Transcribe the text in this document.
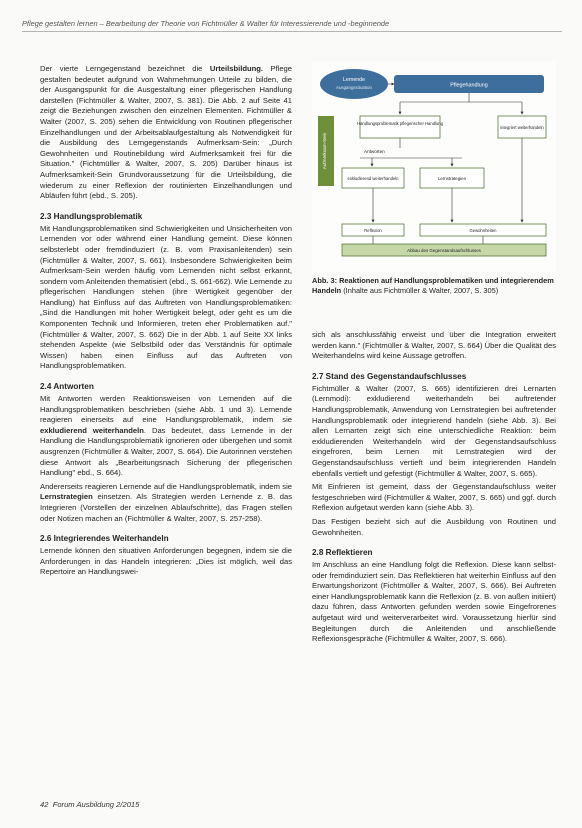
Pflege gestalten lernen – Bearbeitung der Theorie von Fichtmüller & Walter für Interessierende und -beginnende

Der vierte Lerngegenstand bezeichnet die Urteilsbildung. Pflege gestalten bedeutet aufgrund von Wahrnehmungen Urteile zu bilden, die der Ausgangspunkt für die Ausgestaltung einer pflegerischen Handlung darstellen (Fichtmüller & Walter, 2007, S. 381). Die Abb. 2 auf Seite 41 zeigt die Beziehungen zwischen den einzelnen Elementen. Fichtmüller & Walter (2007, S. 205) sehen die Entwicklung von Routinen pflegerischer Einzelhandlungen und der Arbeitsablaufgestaltung als Notwendigkeit für die Ausbildung des Lerngegenstands Aufmerksam-Sein: „Durch Gewohnheiten und Routinebildung wird Aufmerksamkeit frei für die Situation." (Fichtmüller & Walter, 2007, S. 205) Darüber hinaus ist Aufmerksamkeit-Sein Grundvoraussetzung für die Urteilsbildung, die wiederum zu einer Reflexion der routinierten Einzelhandlungen und Abläufen führt (ebd., S. 205).

2.3 Handlungsproblematik

Mit Handlungsproblematiken sind Schwierigkeiten und Unsicherheiten von Lernenden vor oder während einer Handlung gemeint. Diese können selbsterlebt oder fremdinduziert (z. B. vom Praxisanleitenden) sein (Fichtmüller & Walter, 2007, S. 661). Insbesondere Schwierigkeiten beim Aufmerksam-Sein werden häufig vom Lernenden nicht selbst erkannt, sondern vom Anleitenden thematisiert (ebd., S. 661-662). Wie Lernende zu pflegerischen Handlungen stehen (ihre Wertigkeit gegenüber der Handlung) hat Einfluss auf das Auftreten von Handlungsproblematiken: „Sind die Handlungen mit hoher Wertigkeit belegt, oder geht es um die Komponenten Technik und Informieren, treten eher Problematiken auf." (Fichtmüller & Walter, 2007, S. 662) Die in der Abb. 1 auf Seite XX links stehenden Aspekte (wie Selbstbild oder das Verständnis für optimale Wissen) haben einen Einfluss auf das Auftreten von Handlungsproblematiken.

2.4 Antworten

Mit Antworten werden Reaktionsweisen von Lernenden auf die Handlungsproblematiken beschrieben (siehe Abb. 1 und 3). Lernende reagieren einerseits auf eine Handlungsproblematik, indem sie exkludierend weiterhandeln. Das bedeutet, dass Lernende in der Handlung die Handlungsproblematik ignorieren oder übergehen und somit ausgrenzen (Fichtmüller & Walter, 2007, S. 664). Die Autorinnen verstehen diese Antwort als „Bearbeitungsnach Sicherung der pflegerischen Handlung" ebd., S. 664).

Andererseits reagieren Lernende auf die Handlungsproblematik, indem sie Lernstrategien einsetzen. Als Strategien werden Lernende z. B. das Integrieren (Vorstellen der einzelnen Ablaufschritte), das Fragen stellen oder Notizen machen an (Fichtmüller & Walter, 2007, S. 257-258).

2.6 Integrierendes Weiterhandeln

Lernende können den situativen Anforderungen begegnen, indem sie die Anforderungen in das Handeln integrieren: „Dies ist möglich, weil das Repertoire an Handlungswei-

Lernende
Ausgangssituation	Pflegehandlung
Aufmerksam-Sein
Handlungsproblematik pflegerischer Handlung
integriert weiterhandeln
Antworten
exkludierend weiterhandeln	Lernstrategien
Reflexion	Gewohnheiten
Abbau des Gegenstandsaufschlusses
Abb. 3: Reaktionen auf Handlungsproblematiken und integrierendem Handeln (Inhalte aus Fichtmüller & Walter, 2007, S. 305)

sich als anschlussfähig erweist und über die Integration erweitert werden kann." (Fichtmüller & Walter, 2007, S. 664) Über die Qualität des Weiterhandelns wird keine Aussage getroffen.

2.7 Stand des Gegenstandaufschlusses

Fichtmüller & Walter (2007, S. 665) identifizieren drei Lernarten (Lernmodi): exkludierend weiterhandeln bei auftretender Handlungsproblematik, Anwendung von Lernstrategien bei auftretender Handlungsproblematik oder integrierend handeln (siehe Abb. 3). Bei allen Lernarten zeigt sich eine unterschiedliche Reaktion: beim exkludierenden Weiterhandeln wird der Gegenstandsaufschluss eingefroren, beim Lernen mit Lernstrategien wird der Gegenstandsaufschluss vertieft und beim integrierenden Handeln ebenfalls vertieft und gefestigt (Fichtmüller & Walter, 2007, S. 665).

Mit Einfrieren ist gemeint, dass der Gegenstandaufschluss weiter festgeschrieben wird (Fichtmüller & Walter, 2007, S. 665) und ggf. durch Reflexion aufgetaut werden kann (siehe Abb. 3).

Das Festigen bezieht sich auf die Ausbildung von Routinen und Gewohnheiten.

2.8 Reflektieren

Im Anschluss an eine Handlung folgt die Reflexion. Diese kann selbst- oder fremdinduziert sein. Das Reflektieren hat weiterhin Einfluss auf den Erwartungshorizont (Fichtmüller & Walter, 2007, S. 666). Bei Auftreten einer Handlungsproblematik kann die Reflexion (z. B. von außen initiiert) dazu führen, dass Antworten gefunden werden sowie Eingefrorenes aufgetaut wird und weiterverarbeitet wird. Voraussetzung hierfür sind Begleitungen durch die Anleitenden und anschließende Reflexionsgespräche (Fichtmüller & Walter, 2007, S. 666).

42 Forum Ausbildung 2/2015
